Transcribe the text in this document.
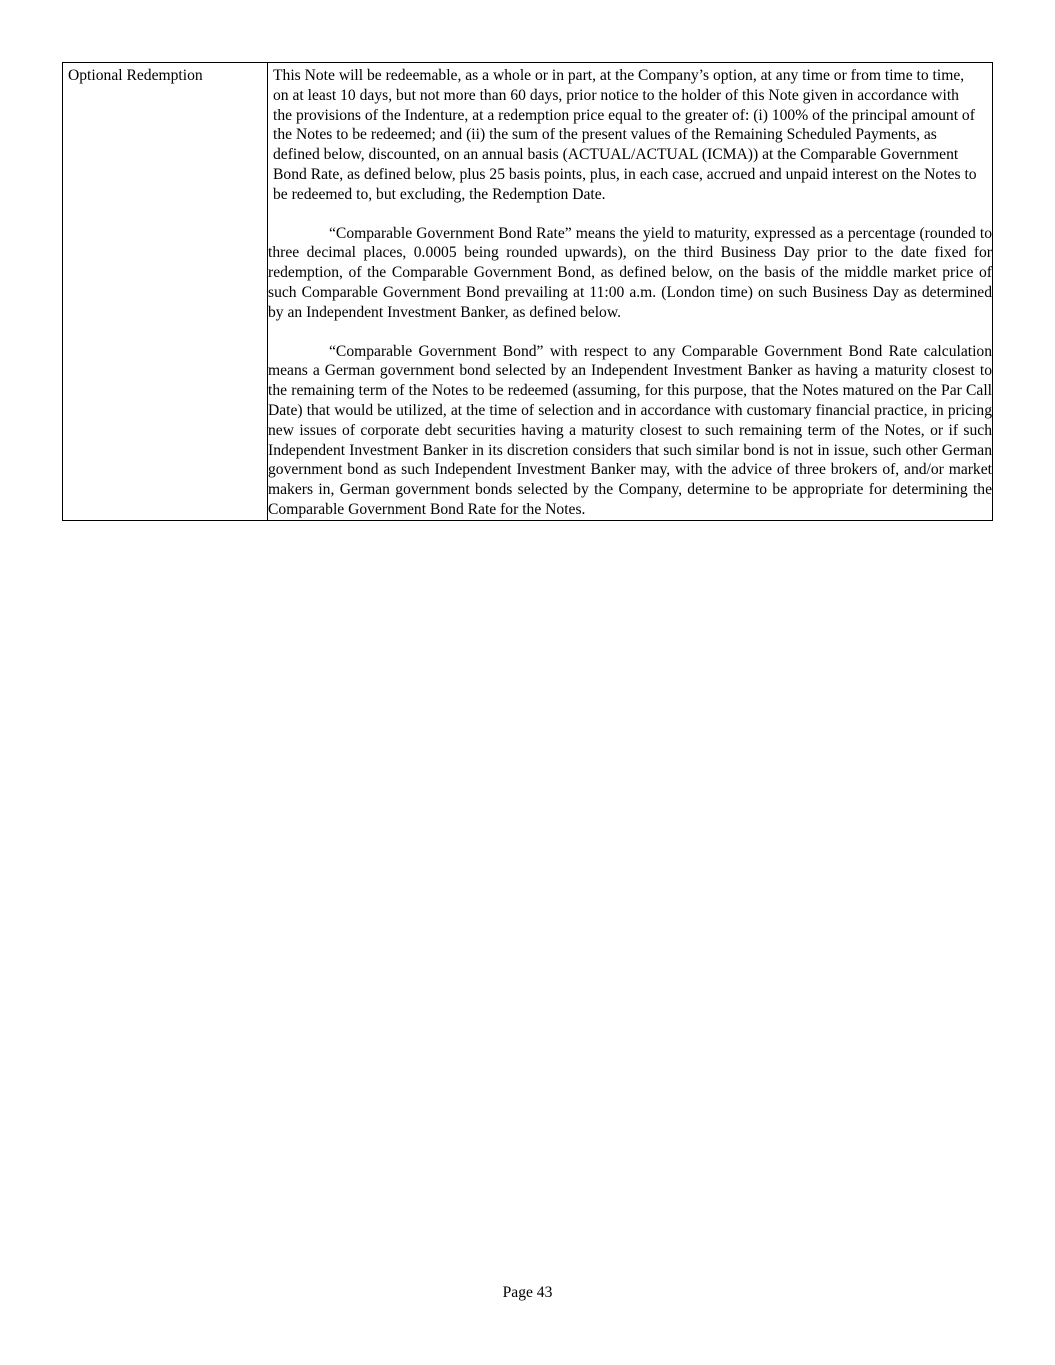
Optional Redemption	This Note will be redeemable, as a whole or in part, at the Company’s option, at any time or from time to time, on at least 10 days, but not more than 60 days, prior notice to the holder of this Note given in accordance with the provisions of the Indenture, at a redemption price equal to the greater of: (i) 100% of the principal amount of the Notes to be redeemed; and (ii) the sum of the present values of the Remaining Scheduled Payments, as defined below, discounted, on an annual basis (ACTUAL/ACTUAL (ICMA)) at the Comparable Government Bond Rate, as defined below, plus 25 basis points, plus, in each case, accrued and unpaid interest on the Notes to be redeemed to, but excluding, the Redemption Date.

“Comparable Government Bond Rate” means the yield to maturity, expressed as a percentage (rounded to three decimal places, 0.0005 being rounded upwards), on the third Business Day prior to the date fixed for redemption, of the Comparable Government Bond, as defined below, on the basis of the middle market price of such Comparable Government Bond prevailing at 11:00 a.m. (London time) on such Business Day as determined by an Independent Investment Banker, as defined below.

“Comparable Government Bond” with respect to any Comparable Government Bond Rate calculation means a German government bond selected by an Independent Investment Banker as having a maturity closest to the remaining term of the Notes to be redeemed (assuming, for this purpose, that the Notes matured on the Par Call Date) that would be utilized, at the time of selection and in accordance with customary financial practice, in pricing new issues of corporate debt securities having a maturity closest to such remaining term of the Notes, or if such Independent Investment Banker in its discretion considers that such similar bond is not in issue, such other German government bond as such Independent Investment Banker may, with the advice of three brokers of, and/or market makers in, German government bonds selected by the Company, determine to be appropriate for determining the Comparable Government Bond Rate for the Notes.

Page 43
